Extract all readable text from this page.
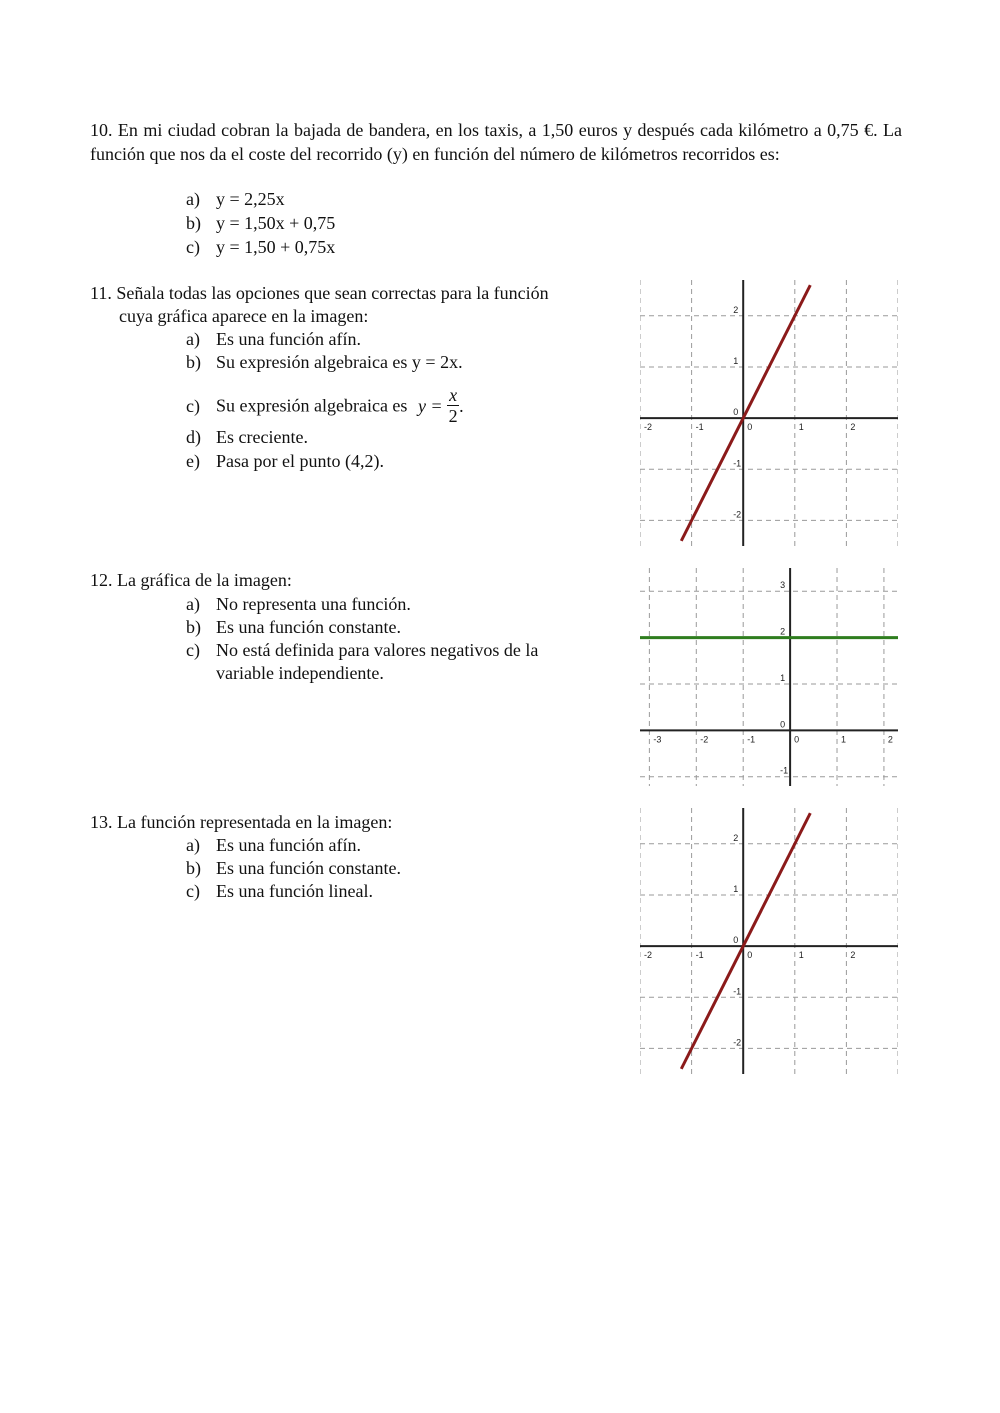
10. En mi ciudad cobran la bajada de bandera, en los taxis, a 1,50 euros y después cada kilómetro a 0,75 €. La función que nos da el coste del recorrido (y) en función del número de kilómetros recorridos es:
a) y = 2,25x
b) y = 1,50x + 0,75
c) y = 1,50 + 0,75x
11. Señala todas las opciones que sean correctas para la función
cuya gráfica aparece en la imagen:
a) Es una función afín.
b) Su expresión algebraica es y = 2x.
c) Su expresión algebraica es $y = \frac{x}{2}$ .
d) Es creciente.
e) Pasa por el punto (4,2).
-2	-1	0	1	2
2
1
0
-1
-2
12. La gráfica de la imagen:
a) No representa una función.
b) Es una función constante.
c) No está definida para valores negativos de la
variable independiente.
-3	-2	-1	0	1	2
3
2
1
0
-1
13. La función representada en la imagen:
a) Es una función afín.
b) Es una función constante.
c) Es una función lineal.
-2	-1	0	1	2
2
1
0
-1
-2
